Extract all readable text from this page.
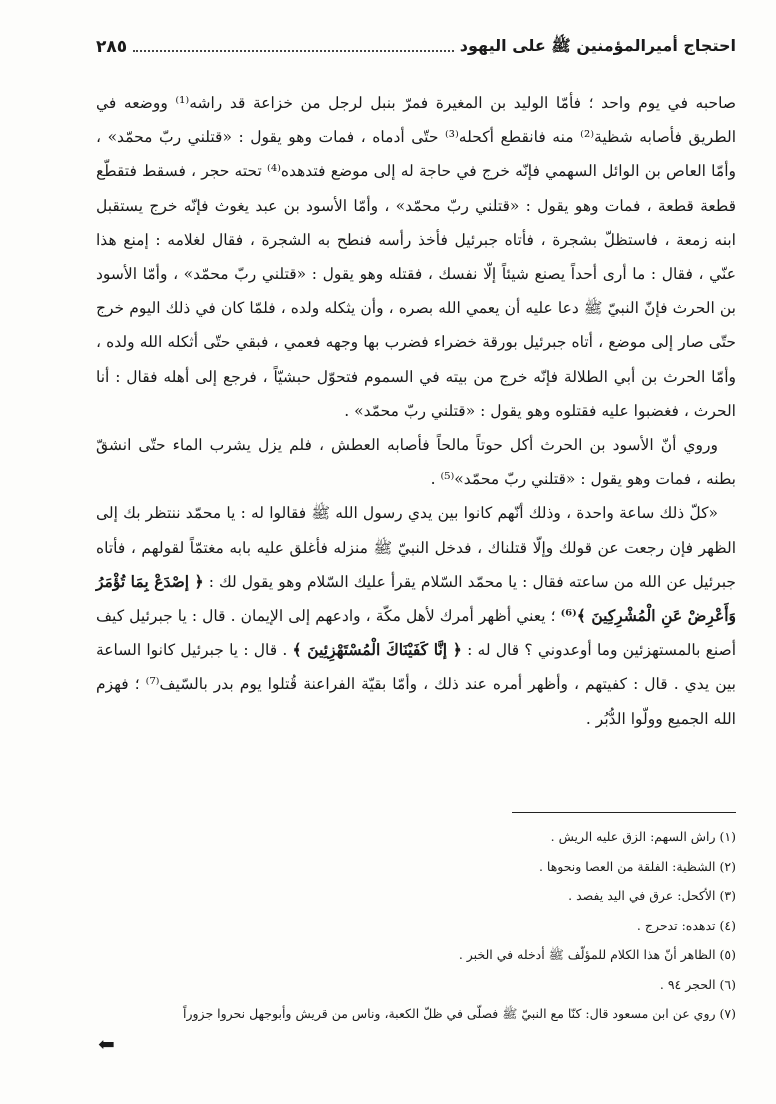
احتجاج أميرالمؤمنين ﷺ على اليهود
٢٨٥

صاحبه في يوم واحد ؛ فأمّا الوليد بن المغيرة فمرّ بنبل لرجل من خزاعة قد راشه⁽¹⁾ ووضعه في الطريق فأصابه شظية⁽²⁾ منه فانقطع أكحله⁽³⁾ حتّى أدماه ، فمات وهو يقول : «قتلني ربّ محمّد» ، وأمّا العاص بن الوائل السهمي فإنّه خرج في حاجة له إلى موضع فتدهده⁽⁴⁾ تحته حجر ، فسقط فتقطّع قطعة قطعة ، فمات وهو يقول : «قتلني ربّ محمّد» ، وأمّا الأسود بن عبد يغوث فإنّه خرج يستقبل ابنه زمعة ، فاستظلّ بشجرة ، فأتاه جبرئيل فأخذ رأسه فنطح به الشجرة ، فقال لغلامه : إمنع هذا عنّي ، فقال : ما أرى أحداً يصنع شيئاً إلّا نفسك ، فقتله وهو يقول : «قتلني ربّ محمّد» ، وأمّا الأسود بن الحرث فإنّ النبيّ ﷺ دعا عليه أن يعمي الله بصره ، وأن يثكله ولده ، فلمّا كان في ذلك اليوم خرج حتّى صار إلى موضع ، أتاه جبرئيل بورقة خضراء فضرب بها وجهه فعمي ، فبقي حتّى أثكله الله ولده ، وأمّا الحرث بن أبي الطلالة فإنّه خرج من بيته في السموم فتحوّل حبشيّاً ، فرجع إلى أهله فقال : أنا الحرث ، فغضبوا عليه فقتلوه وهو يقول : «قتلني ربّ محمّد» .

وروي أنّ الأسود بن الحرث أكل حوتاً مالحاً فأصابه العطش ، فلم يزل يشرب الماء حتّى انشقّ بطنه ، فمات وهو يقول : «قتلني ربّ محمّد»⁽⁵⁾ .

«كلّ ذلك ساعة واحدة ، وذلك أنّهم كانوا بين يدي رسول الله ﷺ فقالوا له : يا محمّد ننتظر بك إلى الظهر فإن رجعت عن قولك وإلّا قتلناك ، فدخل النبيّ ﷺ منزله فأغلق عليه بابه مغتمّاً لقولهم ، فأتاه جبرئيل عن الله من ساعته فقال : يا محمّد السّلام يقرأ عليك السّلام وهو يقول لك : ﴿ إصْدَعْ بِمَا تُؤْمَرُ وَأَعْرِضْ عَنِ الْمُشْرِكِينَ ﴾⁽⁶⁾ ؛ يعني أظهر أمرك لأهل مكّة ، وادعهم إلى الإيمان . قال : يا جبرئيل كيف أصنع بالمستهزئين وما أوعدوني ؟ قال له : ﴿ إنَّا كَفَيْنَاكَ الْمُسْتَهْزِئِينَ ﴾ . قال : يا جبرئيل كانوا الساعة بين يدي . قال : كفيتهم ، وأظهر أمره عند ذلك ، وأمّا بقيّة الفراعنة قُتلوا يوم بدر بالسّيف⁽⁷⁾ ؛ فهزم الله الجميع وولّوا الدُّبُر .

(١) راش السهم: الزق عليه الريش .
(٢) الشظية: الفلقة من العصا ونحوها .
(٣) الأكحل: عرق في اليد يفصد .
(٤) تدهده: تدحرج .
(٥) الظاهر أنّ هذا الكلام للمؤلّف ﷺ أدخله في الخبر .
(٦) الحجر ٩٤ .
(٧) روي عن ابن مسعود قال: كنّا مع النبيّ ﷺ فصلّى في ظلّ الكعبة، وناس من قريش وأبوجهل نحروا جزوراً
⬅
